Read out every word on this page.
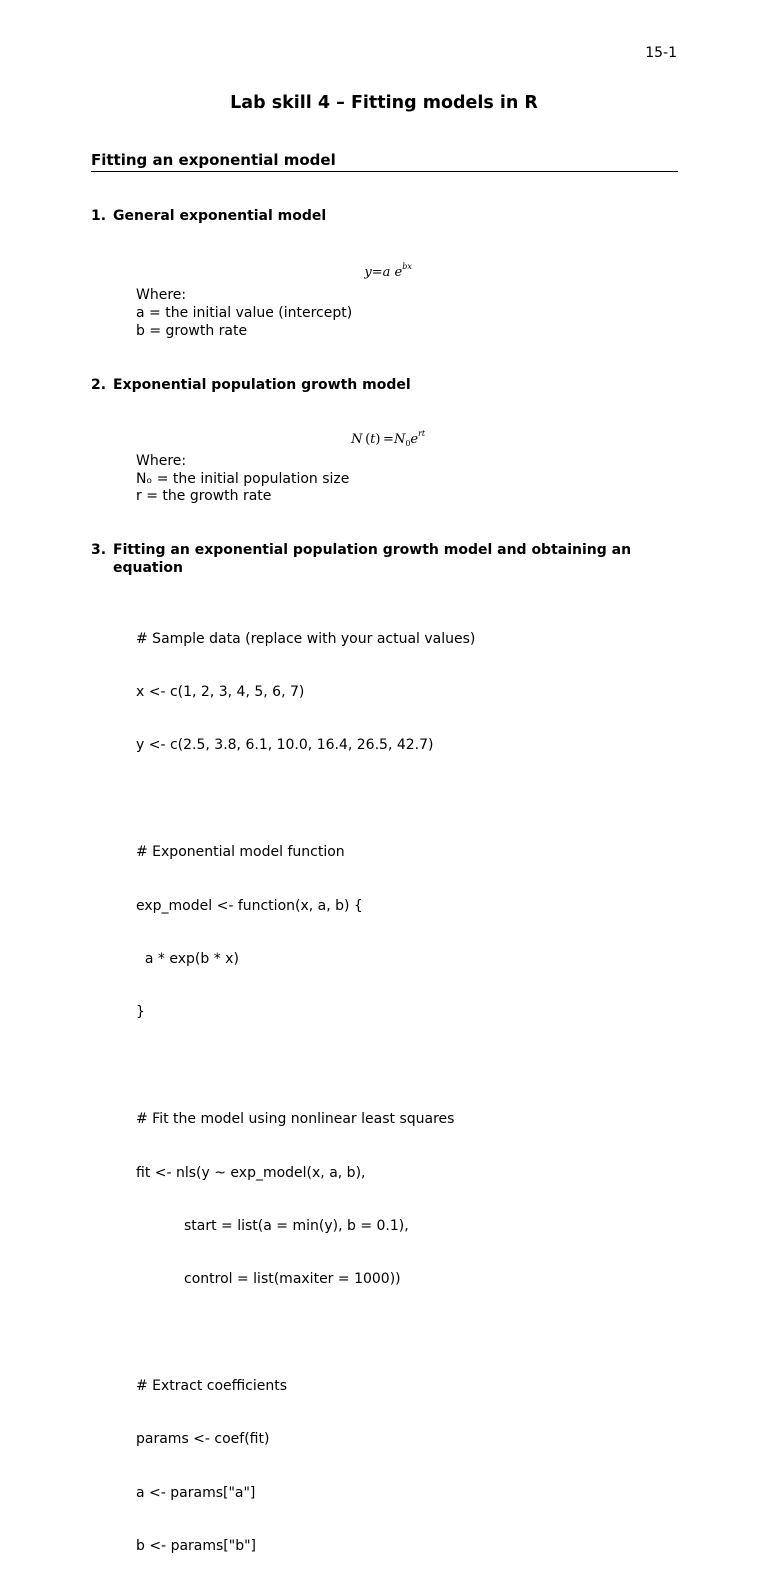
15-1
Lab skill 4 – Fitting models in R
Fitting an exponential model
1. General exponential model

y=a $e^{bx}$

Where:
a = the initial value (intercept)
b = growth rate
2. Exponential population growth model

N $(t) =N_0e^{rt}$

Where:
Nₒ = the initial population size
r = the growth rate
3. Fitting an exponential population growth model and obtaining an equation

# Sample data (replace with your actual values)

x <- c(1, 2, 3, 4, 5, 6, 7)

y <- c(2.5, 3.8, 6.1, 10.0, 16.4, 26.5, 42.7)

# Exponential model function

exp_model <- function(x, a, b) {

a * exp(b * x)

}

# Fit the model using nonlinear least squares

fit <- nls(y ~ exp_model(x, a, b),

start = list(a = min(y), b = 0.1),

control = list(maxiter = 1000))

# Extract coefficients

params <- coef(fit)

a <- params["a"]

b <- params["b"]
